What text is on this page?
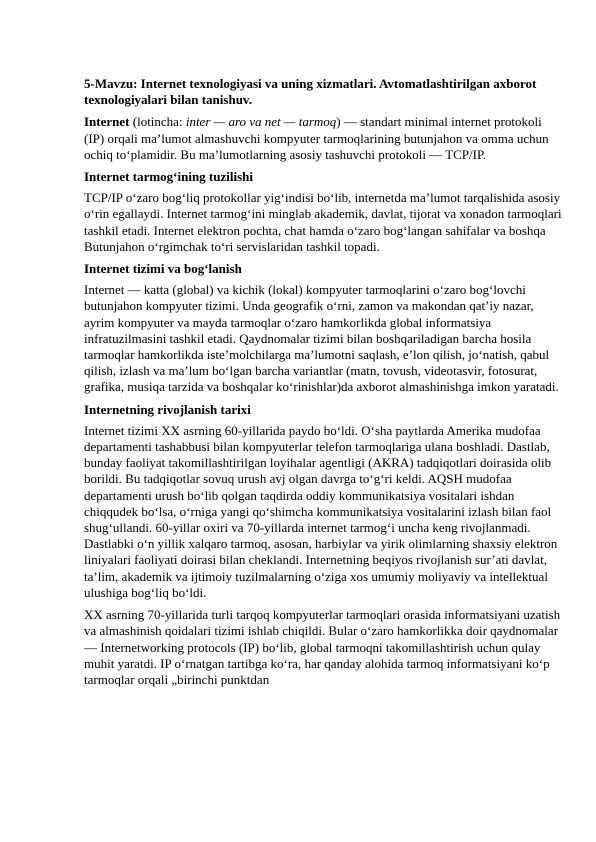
5-Mavzu: Internet texnologiyasi va uning xizmatlari. Avtomatlashtirilgan axborot texnologiyalari bilan tanishuv.
Internet (lotincha: inter — aro va net — tarmoq) — standart minimal internet protokoli (IP) orqali ma’lumot almashuvchi kompyuter tarmoqlarining butunjahon va omma uchun ochiq to‘plamidir. Bu ma’lumotlarning asosiy tashuvchi protokoli — TCP/IP.
Internet tarmog‘ining tuzilishi
TCP/IP o‘zaro bog‘liq protokollar yig‘indisi bo‘lib, internetda ma’lumot tarqalishida asosiy o‘rin egallaydi. Internet tarmog‘ini minglab akademik, davlat, tijorat va xonadon tarmoqlari tashkil etadi. Internet elektron pochta, chat hamda o‘zaro bog‘langan sahifalar va boshqa Butunjahon o‘rgimchak to‘ri servislaridan tashkil topadi.
Internet tizimi va bog‘lanish
Internet — katta (global) va kichik (lokal) kompyuter tarmoqlarini o‘zaro bog‘lovchi butunjahon kompyuter tizimi. Unda geografik o‘rni, zamon va makondan qat’iy nazar, ayrim kompyuter va mayda tarmoqlar o‘zaro hamkorlikda global informatsiya infratuzilmasini tashkil etadi. Qaydnomalar tizimi bilan boshqariladigan barcha hosila tarmoqlar hamkorlikda iste’molchilarga ma’lumotni saqlash, e’lon qilish, jo‘natish, qabul qilish, izlash va ma’lum bo‘lgan barcha variantlar (matn, tovush, videotasvir, fotosurat, grafika, musiqa tarzida va boshqalar ko‘rinishlar)da axborot almashinishga imkon yaratadi.
Internetning rivojlanish tarixi
Internet tizimi XX asrning 60-yillarida paydo bo‘ldi. O‘sha paytlarda Amerika mudofaa departamenti tashabbusi bilan kompyuterlar telefon tarmoqlariga ulana boshladi. Dastlab, bunday faoliyat takomillashtirilgan loyihalar agentligi (AKRA) tadqiqotlari doirasida olib borildi. Bu tadqiqotlar sovuq urush avj olgan davrga to‘g‘ri keldi. AQSH mudofaa departamenti urush bo‘lib qolgan taqdirda oddiy kommunikatsiya vositalari ishdan chiqqudek bo‘lsa, o‘rniga yangi qo‘shimcha kommunikatsiya vositalarini izlash bilan faol shug‘ullandi. 60-yillar oxiri va 70-yillarda internet tarmog‘i uncha keng rivojlanmadi. Dastlabki o‘n yillik xalqaro tarmoq, asosan, harbiylar va yirik olimlarning shaxsiy elektron liniyalari faoliyati doirasi bilan cheklandi. Internetning beqiyos rivojlanish sur’ati davlat, ta’lim, akademik va ijtimoiy tuzilmalarning o‘ziga xos umumiy moliyaviy va intellektual ulushiga bog‘liq bo‘ldi.
XX asrning 70-yillarida turli tarqoq kompyuterlar tarmoqlari orasida informatsiyani uzatish va almashinish qoidalari tizimi ishlab chiqildi. Bular o‘zaro hamkorlikka doir qaydnomalar — Internetworking protocols (IP) bo‘lib, global tarmoqni takomillashtirish uchun qulay muhit yaratdi. IP o‘rnatgan tartibga ko‘ra, har qanday alohida tarmoq informatsiyani ko‘p tarmoqlar orqali „birinchi punktdan
